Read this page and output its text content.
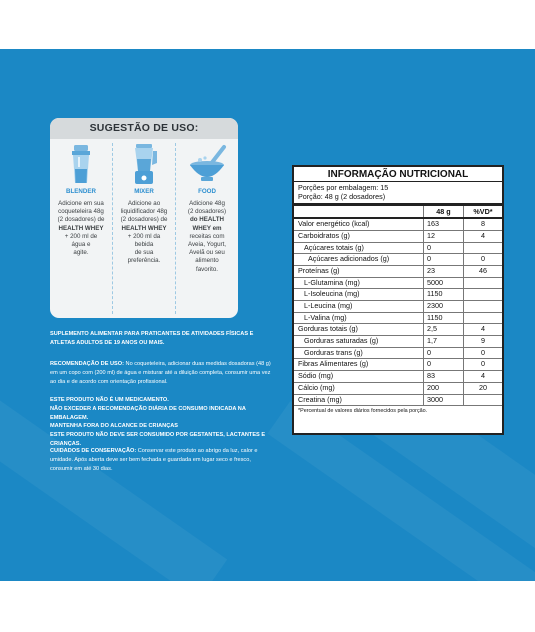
SUGESTÃO DE USO:
BLENDER
Adicione em sua
coqueteleira 48g
(2 dosadores) de
HEALTH WHEY
+ 200 ml de
água e
agite.
MIXER
Adicione ao
liquidificador 48g
(2 dosadores) de
HEALTH WHEY
+ 200 ml da
bebida
de sua
preferência.
FOOD
Adicione 48g
(2 dosadores)
do HEALTH
WHEY em
receitas com
Aveia, Yogurt,
Avelã ou seu
alimento
favorito.
SUPLEMENTO ALIMENTAR PARA PRATICANTES DE ATIVIDADES FÍSICAS E ATLETAS ADULTOS DE 19 ANOS OU MAIS.
RECOMENDAÇÃO DE USO: No coqueteleira, adicionar duas medidas dosadoras (48 g) em um copo com (200 ml) de água e misturar até a diluição completa, consumir uma vez ao dia e de acordo com orientação profissional.
ESTE PRODUTO NÃO É UM MEDICAMENTO.
NÃO EXCEDER A RECOMENDAÇÃO DIÁRIA DE CONSUMO INDICADA NA EMBALAGEM.
MANTENHA FORA DO ALCANCE DE CRIANÇAS
ESTE PRODUTO NÃO DEVE SER CONSUMIDO POR GESTANTES, LACTANTES E CRIANÇAS.
CUIDADOS DE CONSERVAÇÃO: Conservar este produto ao abrigo da luz, calor e umidade. Após aberta deve ser bem fechada e guardada em lugar seco e fresco, consumir em até 30 dias.
INFORMAÇÃO NUTRICIONAL
Porções por embalagem: 15
Porção: 48 g (2 dosadores)
48 g	%VD*
Valor energético (kcal)	163	8
Carboidratos (g)	12	4
Açúcares totais (g)	0
Açúcares adicionados (g)	0	0
Proteínas (g)	23	46
L-Glutamina (mg)	5000
L-Isoleucina (mg)	1150
L-Leucina (mg)	2300
L-Valina (mg)	1150
Gorduras totais (g)	2,5	4
Gorduras saturadas (g)	1,7	9
Gorduras trans (g)	0	0
Fibras Alimentares (g)	0	0
Sódio (mg)	83	4
Cálcio (mg)	200	20
Creatina (mg)	3000
*Percentual de valores diários fornecidos pela porção.
